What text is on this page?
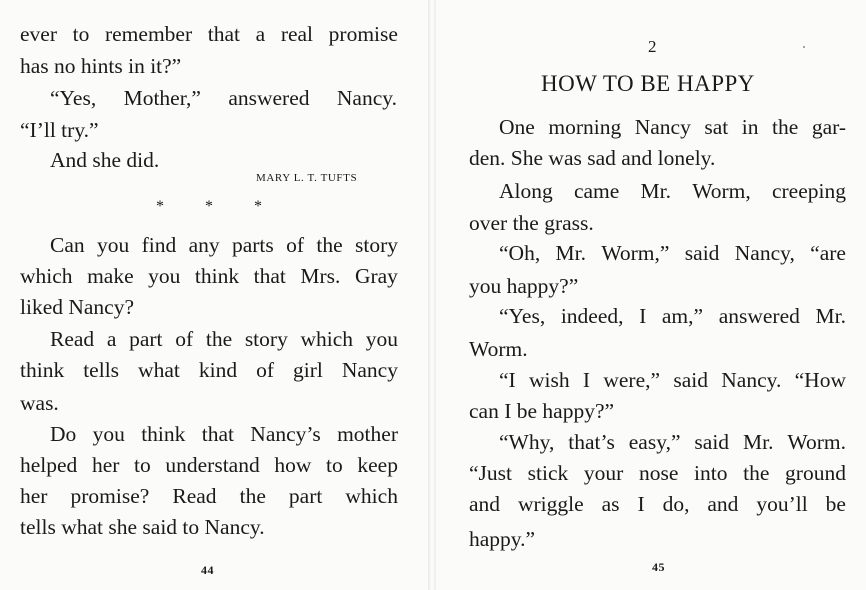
ever to remember that a real promise

has no hints in it?”

“Yes, Mother,” answered Nancy.

“I’ll try.”

And she did.

MARY L. T. TUFTS
*	*	*

Can you find any parts of the story

which make you think that Mrs. Gray

liked Nancy?

Read a part of the story which you

think tells what kind of girl Nancy

was.

Do you think that Nancy’s mother

helped her to understand how to keep

her promise? Read the part which

tells what she said to Nancy.

44
2
HOW TO BE HAPPY

One morning Nancy sat in the gar-

den. She was sad and lonely.

Along came Mr. Worm, creeping

over the grass.

“Oh, Mr. Worm,” said Nancy, “are

you happy?”

“Yes, indeed, I am,” answered Mr.

Worm.

“I wish I were,” said Nancy. “How

can I be happy?”

“Why, that’s easy,” said Mr. Worm.

“Just stick your nose into the ground

and wriggle as I do, and you’ll be

happy.”

45
